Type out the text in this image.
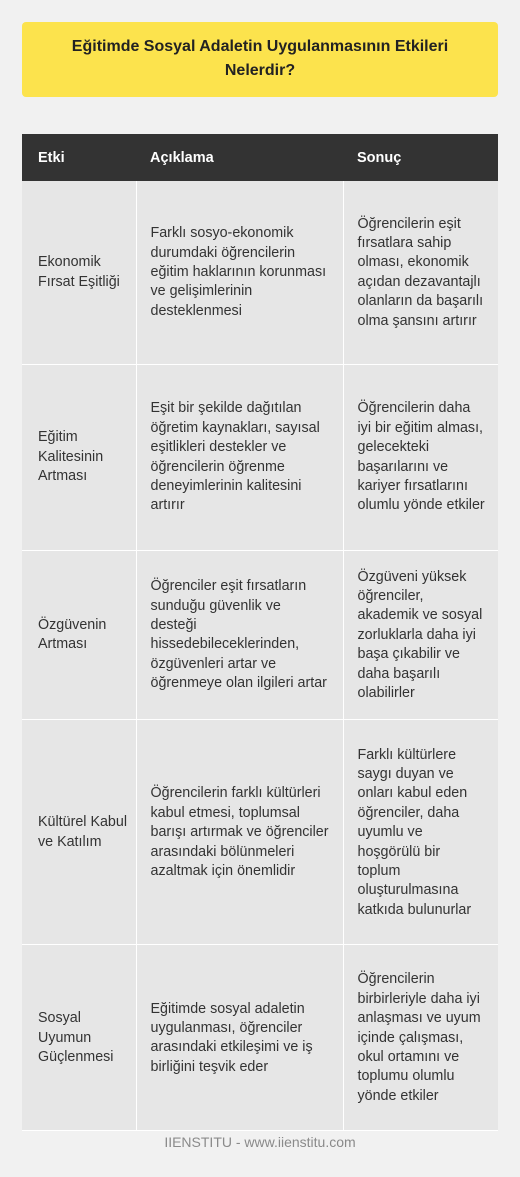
Eğitimde Sosyal Adaletin Uygulanmasının Etkileri Nelerdir?
Etki	Açıklama	Sonuç
Ekonomik Fırsat Eşitliği	Farklı sosyo-ekonomik durumdaki öğrencilerin eğitim haklarının korunması ve gelişimlerinin desteklenmesi	Öğrencilerin eşit fırsatlara sahip olması, ekonomik açıdan dezavantajlı olanların da başarılı olma şansını artırır
Eğitim Kalitesinin Artması	Eşit bir şekilde dağıtılan öğretim kaynakları, sayısal eşitlikleri destekler ve öğrencilerin öğrenme deneyimlerinin kalitesini artırır	Öğrencilerin daha iyi bir eğitim alması, gelecekteki başarılarını ve kariyer fırsatlarını olumlu yönde etkiler
Özgüvenin Artması	Öğrenciler eşit fırsatların sunduğu güvenlik ve desteği hissedebileceklerinden, özgüvenleri artar ve öğrenmeye olan ilgileri artar	Özgüveni yüksek öğrenciler, akademik ve sosyal zorluklarla daha iyi başa çıkabilir ve daha başarılı olabilirler
Kültürel Kabul ve Katılım	Öğrencilerin farklı kültürleri kabul etmesi, toplumsal barışı artırmak ve öğrenciler arasındaki bölünmeleri azaltmak için önemlidir	Farklı kültürlere saygı duyan ve onları kabul eden öğrenciler, daha uyumlu ve hoşgörülü bir toplum oluşturulmasına katkıda bulunurlar
Sosyal Uyumun Güçlenmesi	Eğitimde sosyal adaletin uygulanması, öğrenciler arasındaki etkileşimi ve iş birliğini teşvik eder	Öğrencilerin birbirleriyle daha iyi anlaşması ve uyum içinde çalışması, okul ortamını ve toplumu olumlu yönde etkiler
IIENSTITU - www.iienstitu.com
